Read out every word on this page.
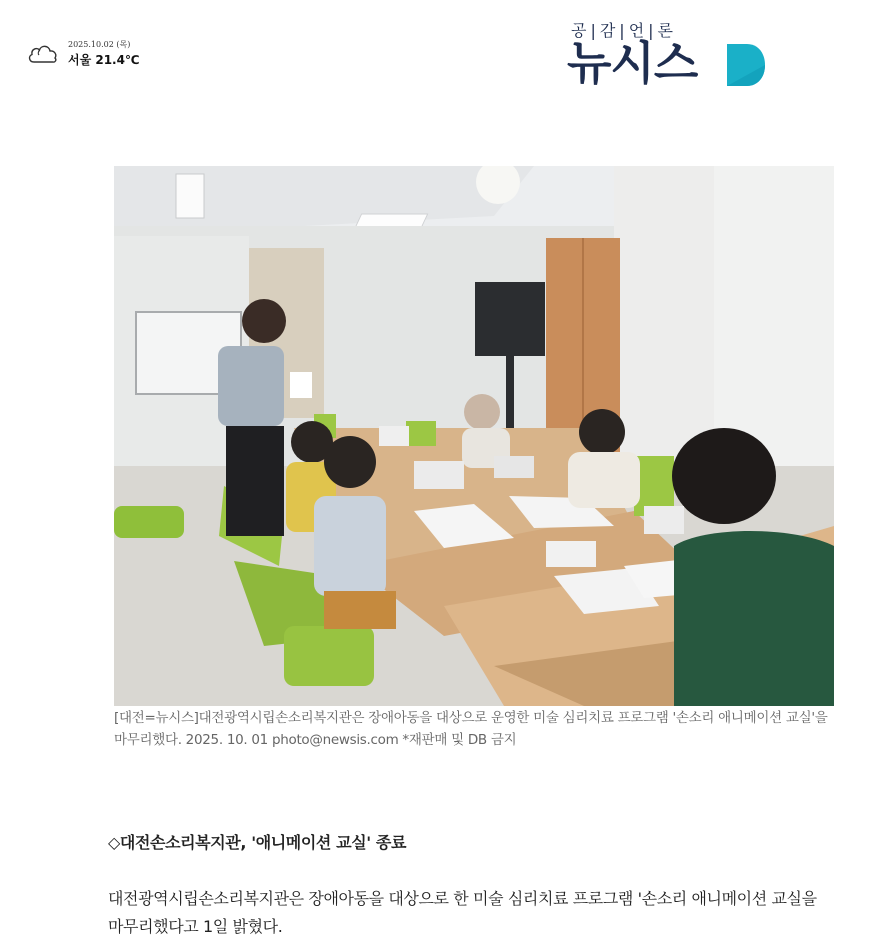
2025.10.02 (목)
서울 21.4℃
공|감|언|론
뉴시스
[대전=뉴시스]대전광역시립손소리복지관은 장애아동을 대상으로 운영한 미술 심리치료 프로그램 '손소리 애니메이션 교실'을 마무리했다. 2025. 10. 01 photo@newsis.com *재판매 및 DB 금지
◇대전손소리복지관, '애니메이션 교실' 종료
대전광역시립손소리복지관은 장애아동을 대상으로 한 미술 심리치료 프로그램 '손소리 애니메이션 교실을 마무리했다고 1일 밝혔다.
